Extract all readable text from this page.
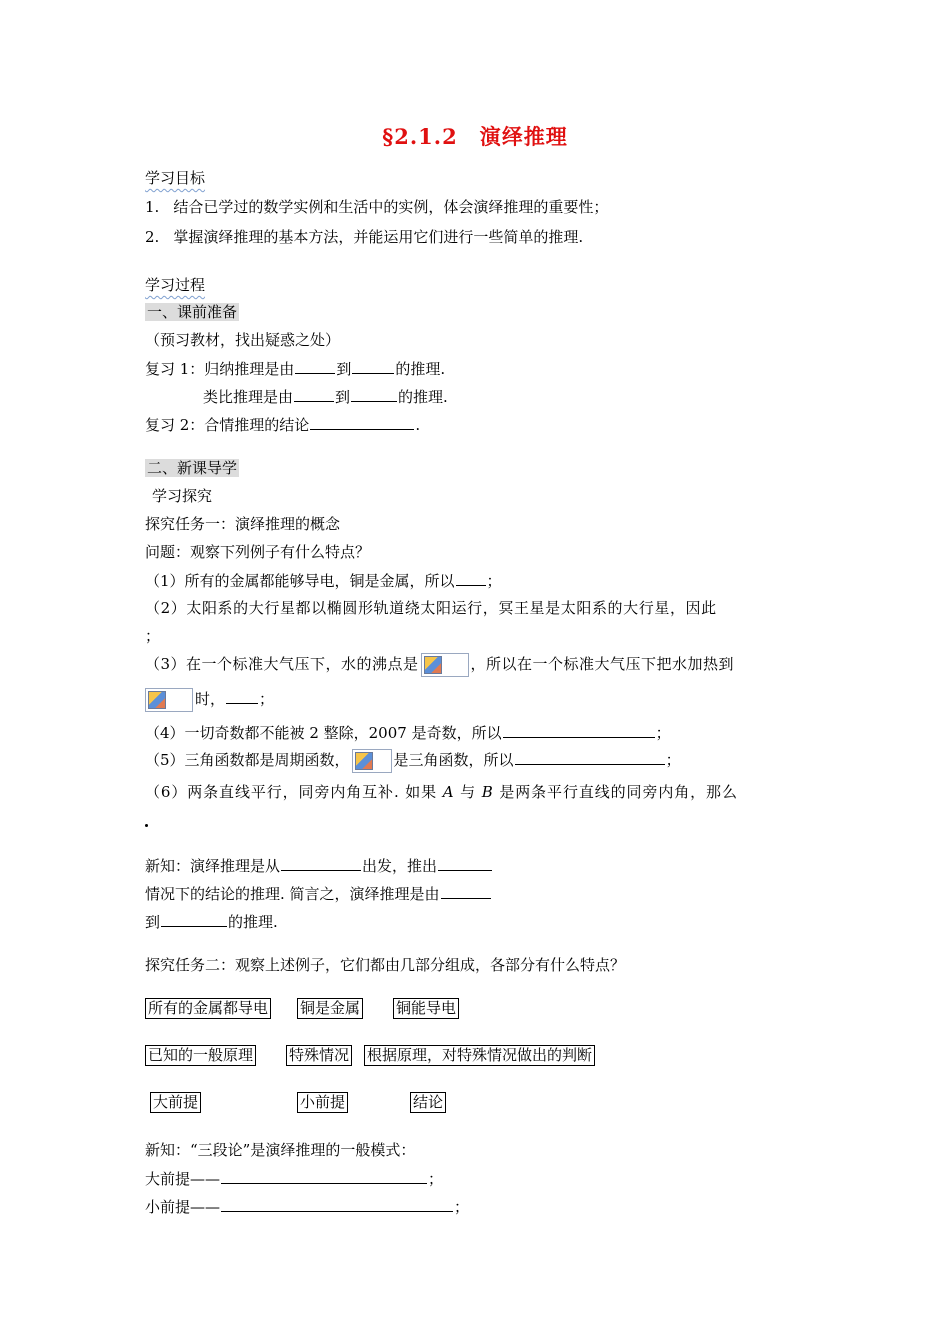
§2.1.2 演绎推理
学习目标
1. 结合已学过的数学实例和生活中的实例，体会演绎推理的重要性；
2. 掌握演绎推理的基本方法，并能运用它们进行一些简单的推理.
学习过程
一、课前准备
（预习教材，找出疑惑之处）
复习 1：归纳推理是由	到	的推理.
类比推理是由	到	的推理.
复习 2：合情推理的结论	.
二、新课导学
学习探究
探究任务一：演绎推理的概念
问题：观察下列例子有什么特点？
（1）所有的金属都能够导电，铜是金属，所以 ；
（2）太阳系的大行星都以椭圆形轨道绕太阳运行，冥王星是太阳系的大行星，因此
；
（3）在一个标准大气压下，水的沸点是	，所以在一个标准大气压下把水加热到
时， ；
（4）一切奇数都不能被 2 整除，2007 是奇数，所以	；
（5）三角函数都是周期函数，	是三角函数，所以	；
（6）两条直线平行，同旁内角互补. 如果 A 与 B 是两条平行直线的同旁内角，那么
新知：演绎推理是从	出发，推出
情况下的结论的推理. 简言之，演绎推理是由
到	的推理.
探究任务二：观察上述例子，它们都由几部分组成，各部分有什么特点？
所有的金属都导电 铜是金属 铜能导电
已知的一般原理 特殊情况 根据原理，对特殊情况做出的判断
大前提	小前提	结论
新知：“三段论”是演绎推理的一般模式：
大前提——	；
小前提——	；
